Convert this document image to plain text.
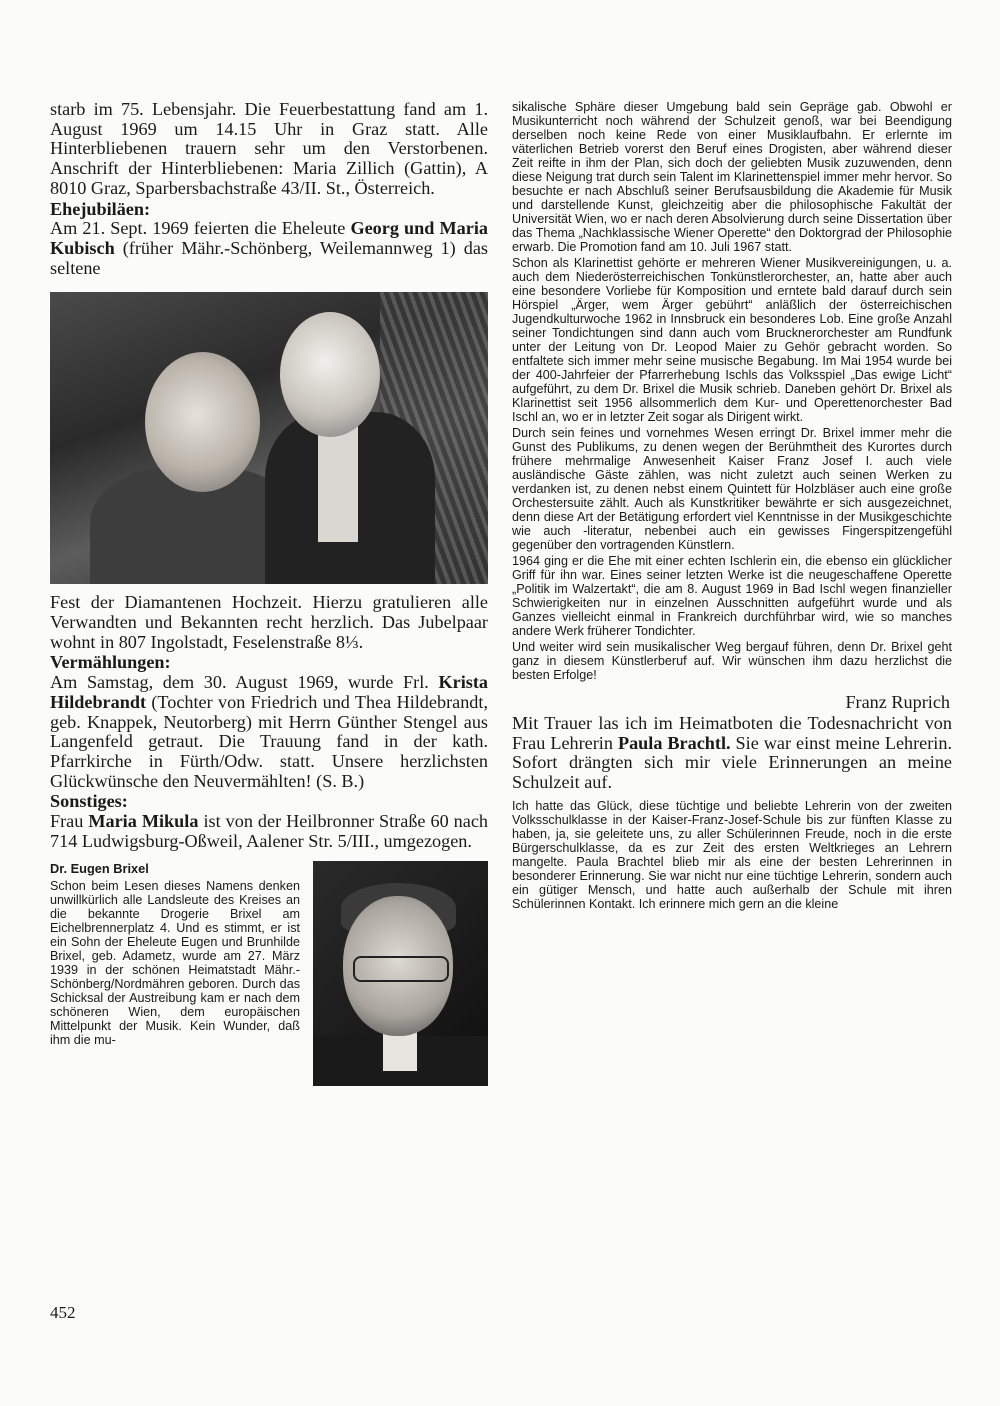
starb im 75. Lebensjahr. Die Feuerbestattung fand am 1. August 1969 um 14.15 Uhr in Graz statt. Alle Hinterbliebenen trauern sehr um den Verstorbenen. Anschrift der Hinterbliebenen: Maria Zillich (Gattin), A 8010 Graz, Sparbersbachstraße 43/II. St., Österreich.

Ehejubiläen:

Am 21. Sept. 1969 feierten die Eheleute Georg und Maria Kubisch (früher Mähr.-Schönberg, Weilemannweg 1) das seltene

Fest der Diamantenen Hochzeit. Hierzu gratulieren alle Verwandten und Bekannten recht herzlich. Das Jubelpaar wohnt in 807 Ingolstadt, Feselenstraße 8⅓.

Vermählungen:

Am Samstag, dem 30. August 1969, wurde Frl. Krista Hildebrandt (Tochter von Friedrich und Thea Hildebrandt, geb. Knappek, Neutorberg) mit Herrn Günther Stengel aus Langenfeld getraut. Die Trauung fand in der kath. Pfarrkirche in Fürth/Odw. statt. Unsere herzlichsten Glückwünsche den Neuvermählten! (S. B.)

Sonstiges:

Frau Maria Mikula ist von der Heilbronner Straße 60 nach 714 Ludwigsburg-Oßweil, Aalener Str. 5/III., umgezogen.

Dr. Eugen Brixel

Schon beim Lesen dieses Namens denken unwillkürlich alle Landsleute des Kreises an die bekannte Drogerie Brixel am Eichelbrennerplatz 4. Und es stimmt, er ist ein Sohn der Eheleute Eugen und Brunhilde Brixel, geb. Adametz, wurde am 27. März 1939 in der schönen Heimatstadt Mähr.-Schönberg/Nordmähren geboren. Durch das Schicksal der Austreibung kam er nach dem schöneren Wien, dem europäischen Mittelpunkt der Musik. Kein Wunder, daß ihm die mu-

sikalische Sphäre dieser Umgebung bald sein Gepräge gab. Obwohl er Musikunterricht noch während der Schulzeit genoß, war bei Beendigung derselben noch keine Rede von einer Musiklaufbahn. Er erlernte im väterlichen Betrieb vorerst den Beruf eines Drogisten, aber während dieser Zeit reifte in ihm der Plan, sich doch der geliebten Musik zuzuwenden, denn diese Neigung trat durch sein Talent im Klarinettenspiel immer mehr hervor. So besuchte er nach Abschluß seiner Berufsausbildung die Akademie für Musik und darstellende Kunst, gleichzeitig aber die philosophische Fakultät der Universität Wien, wo er nach deren Absolvierung durch seine Dissertation über das Thema „Nachklassische Wiener Operette“ den Doktorgrad der Philosophie erwarb. Die Promotion fand am 10. Juli 1967 statt.

Schon als Klarinettist gehörte er mehreren Wiener Musikvereinigungen, u. a. auch dem Niederösterreichischen Tonkünstlerorchester, an, hatte aber auch eine besondere Vorliebe für Komposition und erntete bald darauf durch sein Hörspiel „Ärger, wem Ärger gebührt“ anläßlich der österreichischen Jugendkulturwoche 1962 in Innsbruck ein besonderes Lob. Eine große Anzahl seiner Tondichtungen sind dann auch vom Brucknerorchester am Rundfunk unter der Leitung von Dr. Leopod Maier zu Gehör gebracht worden. So entfaltete sich immer mehr seine musische Begabung. Im Mai 1954 wurde bei der 400-Jahrfeier der Pfarrerhebung Ischls das Volksspiel „Das ewige Licht“ aufgeführt, zu dem Dr. Brixel die Musik schrieb. Daneben gehört Dr. Brixel als Klarinettist seit 1956 allsommerlich dem Kur- und Operettenorchester Bad Ischl an, wo er in letzter Zeit sogar als Dirigent wirkt.

Durch sein feines und vornehmes Wesen erringt Dr. Brixel immer mehr die Gunst des Publikums, zu denen wegen der Berühmtheit des Kurortes durch frühere mehrmalige Anwesenheit Kaiser Franz Josef I. auch viele ausländische Gäste zählen, was nicht zuletzt auch seinen Werken zu verdanken ist, zu denen nebst einem Quintett für Holzbläser auch eine große Orchestersuite zählt. Auch als Kunstkritiker bewährte er sich ausgezeichnet, denn diese Art der Betätigung erfordert viel Kenntnisse in der Musikgeschichte wie auch -literatur, nebenbei auch ein gewisses Fingerspitzengefühl gegenüber den vortragenden Künstlern.

1964 ging er die Ehe mit einer echten Ischlerin ein, die ebenso ein glücklicher Griff für ihn war. Eines seiner letzten Werke ist die neugeschaffene Operette „Politik im Walzertakt“, die am 8. August 1969 in Bad Ischl wegen finanzieller Schwierigkeiten nur in einzelnen Ausschnitten aufgeführt wurde und als Ganzes vielleicht einmal in Frankreich durchführbar wird, wie so manches andere Werk früherer Tondichter.

Und weiter wird sein musikalischer Weg bergauf führen, denn Dr. Brixel geht ganz in diesem Künstlerberuf auf. Wir wünschen ihm dazu herzlichst die besten Erfolge!

Franz Ruprich

Mit Trauer las ich im Heimatboten die Todesnachricht von Frau Lehrerin Paula Brachtl. Sie war einst meine Lehrerin. Sofort drängten sich mir viele Erinnerungen an meine Schulzeit auf.

Ich hatte das Glück, diese tüchtige und beliebte Lehrerin von der zweiten Volksschulklasse in der Kaiser-Franz-Josef-Schule bis zur fünften Klasse zu haben, ja, sie geleitete uns, zu aller Schülerinnen Freude, noch in die erste Bürgerschulklasse, da es zur Zeit des ersten Weltkrieges an Lehrern mangelte. Paula Brachtel blieb mir als eine der besten Lehrerinnen in besonderer Erinnerung. Sie war nicht nur eine tüchtige Lehrerin, sondern auch ein gütiger Mensch, und hatte auch außerhalb der Schule mit ihren Schülerinnen Kontakt. Ich erinnere mich gern an die kleine

452
